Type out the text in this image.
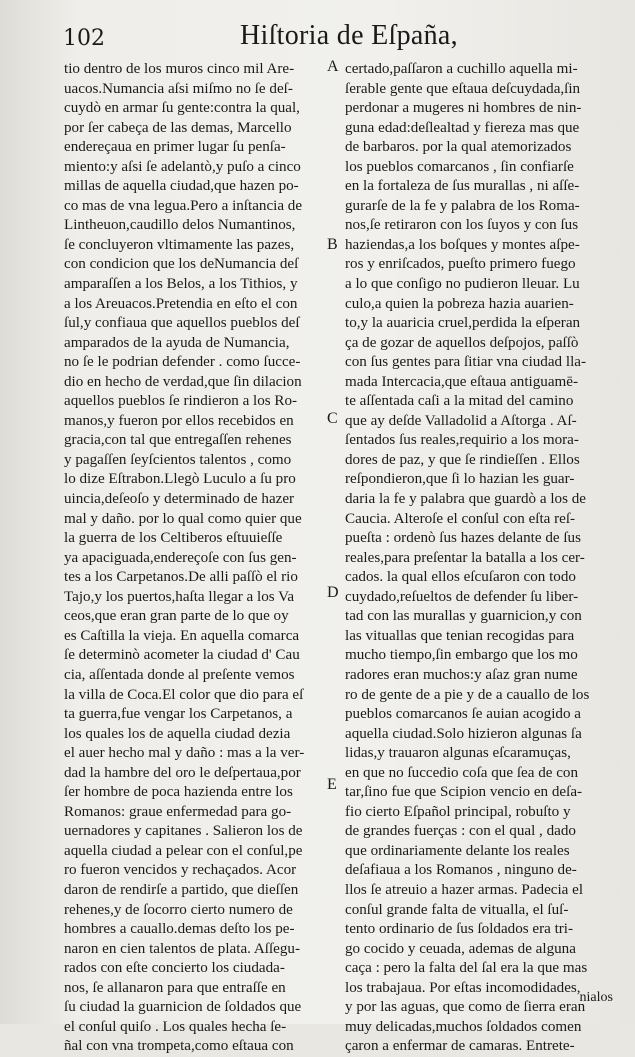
102	Hiſtoria de Eſpaña,
tio dentro de los muros cinco mil Are-
uacos.Numancia aſsi miſmo no ſe deſ-
cuydò en armar ſu gente:contra la qual,
por ſer cabeça de las demas, Marcello
endereçaua en primer lugar ſu penſa-
miento:y aſsi ſe adelantò,y puſo a cinco
millas de aquella ciudad,que hazen po-
co mas de vna legua.Pero a inſtancia de
Lintheuon,caudillo delos Numantinos,
ſe concluyeron vltimamente las pazes,
con condicion que los deNumancia deſ
amparaſſen a los Belos, a los Tithios, y
a los Areuacos.Pretendia en eſto el con
ſul,y confiaua que aquellos pueblos deſ
amparados de la ayuda de Numancia,
no ſe le podrian defender . como ſucce-
dio en hecho de verdad,que ſin dilacion
aquellos pueblos ſe rindieron a los Ro-
manos,y fueron por ellos recebidos en
gracia,con tal que entregaſſen rehenes
y pagaſſen ſeyſcientos talentos , como
lo dize Eſtrabon.Llegò Luculo a ſu pro
uincia,deſeoſo y determinado de hazer
mal y daño. por lo qual como quier que
la guerra de los Celtiberos eſtuuieſſe
ya apaciguada,endereçoſe con ſus gen-
tes a los Carpetanos.De alli paſſò el rio
Tajo,y los puertos,haſta llegar a los Va
ceos,que eran gran parte de lo que oy
es Caſtilla la vieja. En aquella comarca
ſe determinò acometer la ciudad d' Cau
cia, aſſentada donde al preſente vemos
la villa de Coca.El color que dio para eſ
ta guerra,fue vengar los Carpetanos, a
los quales los de aquella ciudad dezia
el auer hecho mal y daño : mas a la ver-
dad la hambre del oro le deſpertaua,por
ſer hombre de poca hazienda entre los
Romanos: graue enfermedad para go-
uernadores y capitanes . Salieron los de
aquella ciudad a pelear con el conſul,pe
ro fueron vencidos y rechaçados. Acor
daron de rendirſe a partido, que dieſſen
rehenes,y de ſocorro cierto numero de
hombres a cauallo.demas deſto los pe-
naron en cien talentos de plata. Aſſegu-
rados con eſte concierto los ciudada-
nos, ſe allanaron para que entraſſe en
ſu ciudad la guarnicion de ſoldados que
el conſul quiſo . Los quales hecha ſe-
ñal con vna trompeta,como eſtaua con
certado,paſſaron a cuchillo aquella mi-
ſerable gente que eſtaua deſcuydada,ſin
perdonar a mugeres ni hombres de nin-
guna edad:deſlealtad y fiereza mas que
de barbaros. por la qual atemorizados
los pueblos comarcanos , ſin confiarſe
en la fortaleza de ſus murallas , ni aſſe-
gurarſe de la fe y palabra de los Roma-
nos,ſe retiraron con los ſuyos y con ſus
haziendas,a los boſques y montes aſpe-
ros y enriſcados, pueſto primero fuego
a lo que conſigo no pudieron lleuar. Lu
culo,a quien la pobreza hazia auarien-
to,y la auaricia cruel,perdida la eſperan
ça de gozar de aquellos deſpojos, paſſò
con ſus gentes para ſitiar vna ciudad lla-
mada Intercacia,que eſtaua antiguamē-
te aſſentada caſi a la mitad del camino
que ay deſde Valladolid a Aſtorga . Aſ-
ſentados ſus reales,requirio a los mora-
dores de paz, y que ſe rindieſſen . Ellos
reſpondieron,que ſi lo hazian les guar-
daria la fe y palabra que guardò a los de
Caucia. Alteroſe el conſul con eſta reſ-
pueſta : ordenò ſus hazes delante de ſus
reales,para preſentar la batalla a los cer-
cados. la qual ellos eſcuſaron con todo
cuydado,reſueltos de defender ſu liber-
tad con las murallas y guarnicion,y con
las vituallas que tenian recogidas para
mucho tiempo,ſin embargo que los mo
radores eran muchos:y aſaz gran nume
ro de gente de a pie y de a cauallo de los
pueblos comarcanos ſe auian acogido a
aquella ciudad.Solo hizieron algunas ſa
lidas,y trauaron algunas eſcaramuças,
en que no ſuccedio coſa que ſea de con
tar,ſino fue que Scipion vencio en deſa-
fio cierto Eſpañol principal, robuſto y
de grandes fuerças : con el qual , dado
que ordinariamente delante los reales
deſafiaua a los Romanos , ninguno de-
llos ſe atreuio a hazer armas. Padecia el
conſul grande falta de vitualla, el ſuſ-
tento ordinario de ſus ſoldados era tri-
go cocido y ceuada, ademas de alguna
caça : pero la falta del ſal era la que mas
los trabajaua. Por eſtas incomodidades,
y por las aguas, que como de ſierra eran
muy delicadas,muchos ſoldados comen
çaron a enfermar de camaras. Entrete-
A
B
C
D
E
nialos
